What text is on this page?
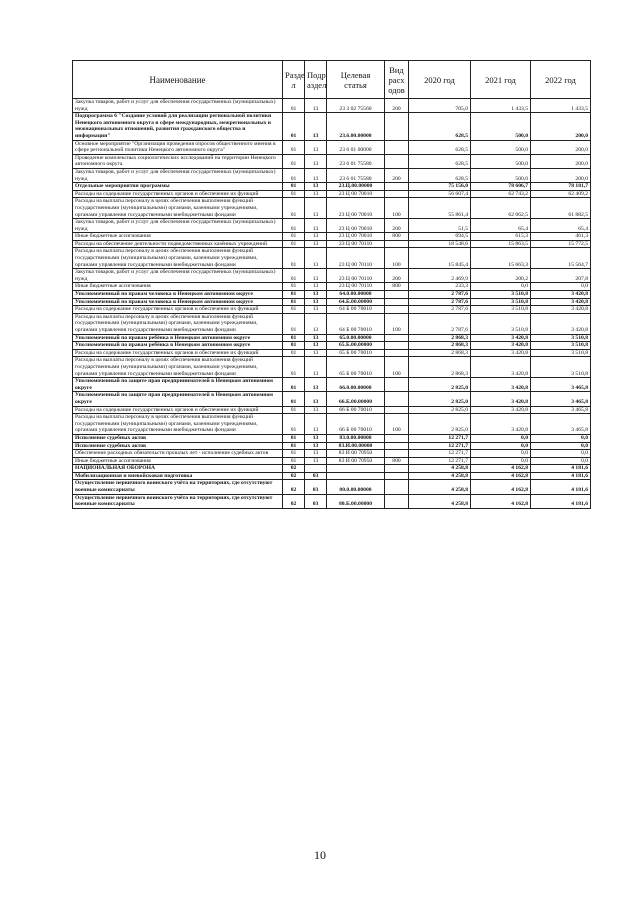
Наименование	Разде л	Подр аздел	Целевая статья	Вид расх одов	2020 год	2021 год	2022 год
Закупка товаров, работ и услуг для обеспечения государственных (муниципальных) нужд	01	13	23 3 02 75560	200	705,0	1 433,5	1 433,5
Подпрограмма 6 "Создание условий для реализации региональной политики Ненецкого автономного округа в сфере международных, межрегиональных и межнациональных отношений, развития гражданского общества и информации"	01	13	23.6.00.00000		628,5	500,0	200,0
Основное мероприятие "Организация проведения опросов общественного мнения в сфере региональной политики Ненецкого автономного округа"	01	13	23 6 01 00000		628,5	500,0	200,0
Проведение комплексных социологических исследований на территории Ненецкого автономного округа	01	13	23 6 01 75580		628,5	500,0	200,0
Закупка товаров, работ и услуг для обеспечения государственных (муниципальных) нужд	01	13	23 6 01 75580	200	628,5	500,0	200,0
Отдельные мероприятия программы	01	13	23.Ц.00.00000		75 156,0	78 606,7	78 181,7
Расходы на содержание государственных органов и обеспечение их функций	01	13	23 Ц 00 70010		56 607,4	62 743,2	62 409,2
Расходы на выплаты персоналу в целях обеспечения выполнения функций государственными (муниципальными) органами, казенными учреждениями, органами управления государственными внебюджетными фондами	01	13	23 Ц 00 70010	100	55 861,4	62 062,5	61 882,5
Закупка товаров, работ и услуг для обеспечения государственных (муниципальных) нужд	01	13	23 Ц 00 70010	200	51,5	65,4	65,4
Иные бюджетные ассигнования	01	13	23 Ц 00 70010	800	694,5	615,3	461,3
Расходы на обеспечение деятельности подведомственных казённых учреждений	01	13	23 Ц 00 70110		18 548,6	15 863,5	15 772,5
Расходы на выплаты персоналу в целях обеспечения выполнения функций государственными (муниципальными) органами, казенными учреждениями, органами управления государственными внебюджетными фондами	01	13	23 Ц 00 70110	100	15 845,4	15 663,3	15 564,7
Закупка товаров, работ и услуг для обеспечения государственных (муниципальных) нужд	01	13	23 Ц 00 70110	200	2 469,9	200,2	207,8
Иные бюджетные ассигнования	01	13	23 Ц 00 70110	800	233,3	0,0	0,0
Уполномоченный по правам человека в Ненецком автономном округе	01	13	64.0.00.00000		2 787,6	3 510,8	3 420,8
Уполномоченный по правам человека в Ненецком автономном округе	01	13	64.Б.00.00000		2 787,6	3 510,8	3 420,8
Расходы на содержание государственных органов и обеспечение их функций	01	13	64 Б 00 70010		2 787,6	3 510,8	3 420,8
Расходы на выплаты персоналу в целях обеспечения выполнения функций государственными (муниципальными) органами, казенными учреждениями, органами управления государственными внебюджетными фондами	01	13	64 Б 00 70010	100	2 787,6	3 510,8	3 420,8
Уполномоченный по правам ребёнка в Ненецком автономном округе	01	13	65.0.00.00000		2 868,3	3 420,8	3 510,8
Уполномоченный по правам ребёнка в Ненецком автономном округе	01	13	65.Б.00.00000		2 868,3	3 420,8	3 510,8
Расходы на содержание государственных органов и обеспечение их функций	01	13	65 Б 00 70010		2 868,3	3 420,8	3 510,8
Расходы на выплаты персоналу в целях обеспечения выполнения функций государственными (муниципальными) органами, казенными учреждениями, органами управления государственными внебюджетными фондами	01	13	65 Б 00 70010	100	2 868,3	3 420,8	3 510,8
Уполномоченный по защите прав предпринимателей в Ненецком автономном округе	01	13	66.0.00.00000		2 825,0	3 420,8	3 465,8
Уполномоченный по защите прав предпринимателей в Ненецком автономном округе	01	13	66.Б.00.00000		2 825,0	3 420,8	3 465,8
Расходы на содержание государственных органов и обеспечение их функций	01	13	66 Б 00 70010		2 825,0	3 420,8	3 465,8
Расходы на выплаты персоналу в целях обеспечения выполнения функций государственными (муниципальными) органами, казенными учреждениями, органами управления государственными внебюджетными фондами	01	13	66 Б 00 70010	100	2 825,0	3 420,8	3 465,8
Исполнение судебных актов	01	13	83.0.00.00000		12 271,7	0,0	0,0
Исполнение судебных актов	01	13	83.И.00.00000		12 271,7	0,0	0,0
Обеспечение расходных обязательств прошлых лет - исполнение судебных актов	01	13	83 И 00 70950		12 271,7	0,0	0,0
Иные бюджетные ассигнования	01	13	83 И 00 70950	800	12 271,7	0,0	0,0
НАЦИОНАЛЬНАЯ ОБОРОНА	02				4 258,8	4 162,8	4 181,6
Мобилизационная и вневойсковая подготовка	02	03			4 258,8	4 162,8	4 181,6
Осуществление первичного воинского учёта на территориях, где отсутствуют военные комиссариаты	02	03	80.0.00.00000		4 258,8	4 162,8	4 181,6
Осуществление первичного воинского учёта на территориях, где отсутствуют военные комиссариаты	02	03	80.Б.00.00000		4 258,8	4 162,8	4 181,6
10
